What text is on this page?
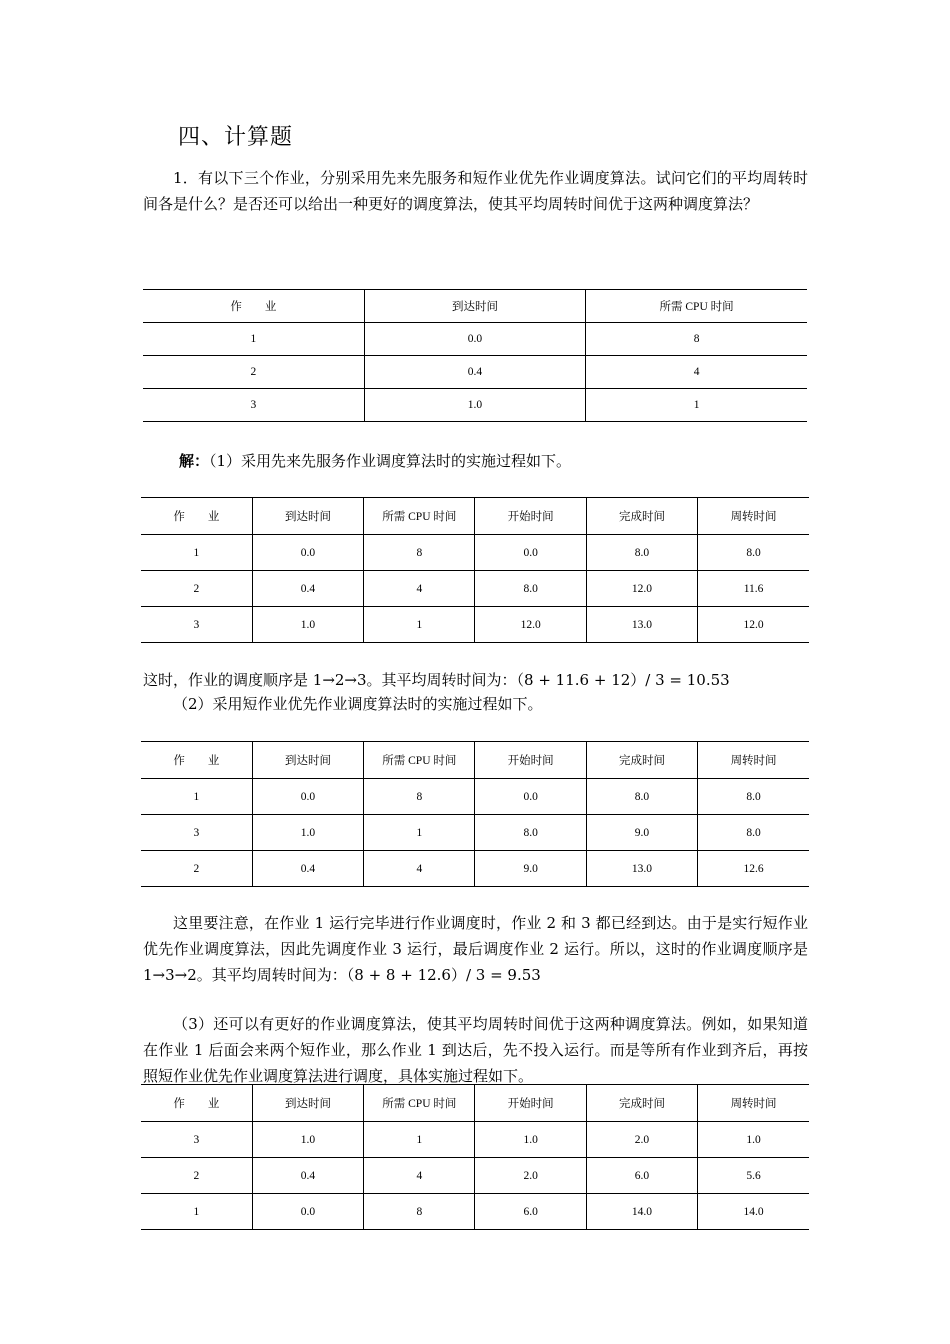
四、计算题

1．有以下三个作业，分别采用先来先服务和短作业优先作业调度算法。试问它们的平均周转时间各是什么？是否还可以给出一种更好的调度算法，使其平均周转时间优于这两种调度算法？

作　　业	到达时间	所需 CPU 时间
1	0.0	8
2	0.4	4
3	1.0	1

解：（1）采用先来先服务作业调度算法时的实施过程如下。

作　　业	到达时间	所需 CPU 时间	开始时间	完成时间	周转时间
1	0.0	8	0.0	8.0	8.0
2	0.4	4	8.0	12.0	11.6
3	1.0	1	12.0	13.0	12.0

这时，作业的调度顺序是 1→2→3。其平均周转时间为：（8 + 11.6 + 12）/ 3 = 10.53

（2）采用短作业优先作业调度算法时的实施过程如下。

作　　业	到达时间	所需 CPU 时间	开始时间	完成时间	周转时间
1	0.0	8	0.0	8.0	8.0
3	1.0	1	8.0	9.0	8.0
2	0.4	4	9.0	13.0	12.6

这里要注意，在作业 1 运行完毕进行作业调度时，作业 2 和 3 都已经到达。由于是实行短作业优先作业调度算法，因此先调度作业 3 运行，最后调度作业 2 运行。所以，这时的作业调度顺序是 1→3→2。其平均周转时间为：（8 + 8 + 12.6）/ 3 = 9.53

（3）还可以有更好的作业调度算法，使其平均周转时间优于这两种调度算法。例如，如果知道在作业 1 后面会来两个短作业，那么作业 1 到达后，先不投入运行。而是等所有作业到齐后，再按照短作业优先作业调度算法进行调度，具体实施过程如下。

作　　业	到达时间	所需 CPU 时间	开始时间	完成时间	周转时间
3	1.0	1	1.0	2.0	1.0
2	0.4	4	2.0	6.0	5.6
1	0.0	8	6.0	14.0	14.0
